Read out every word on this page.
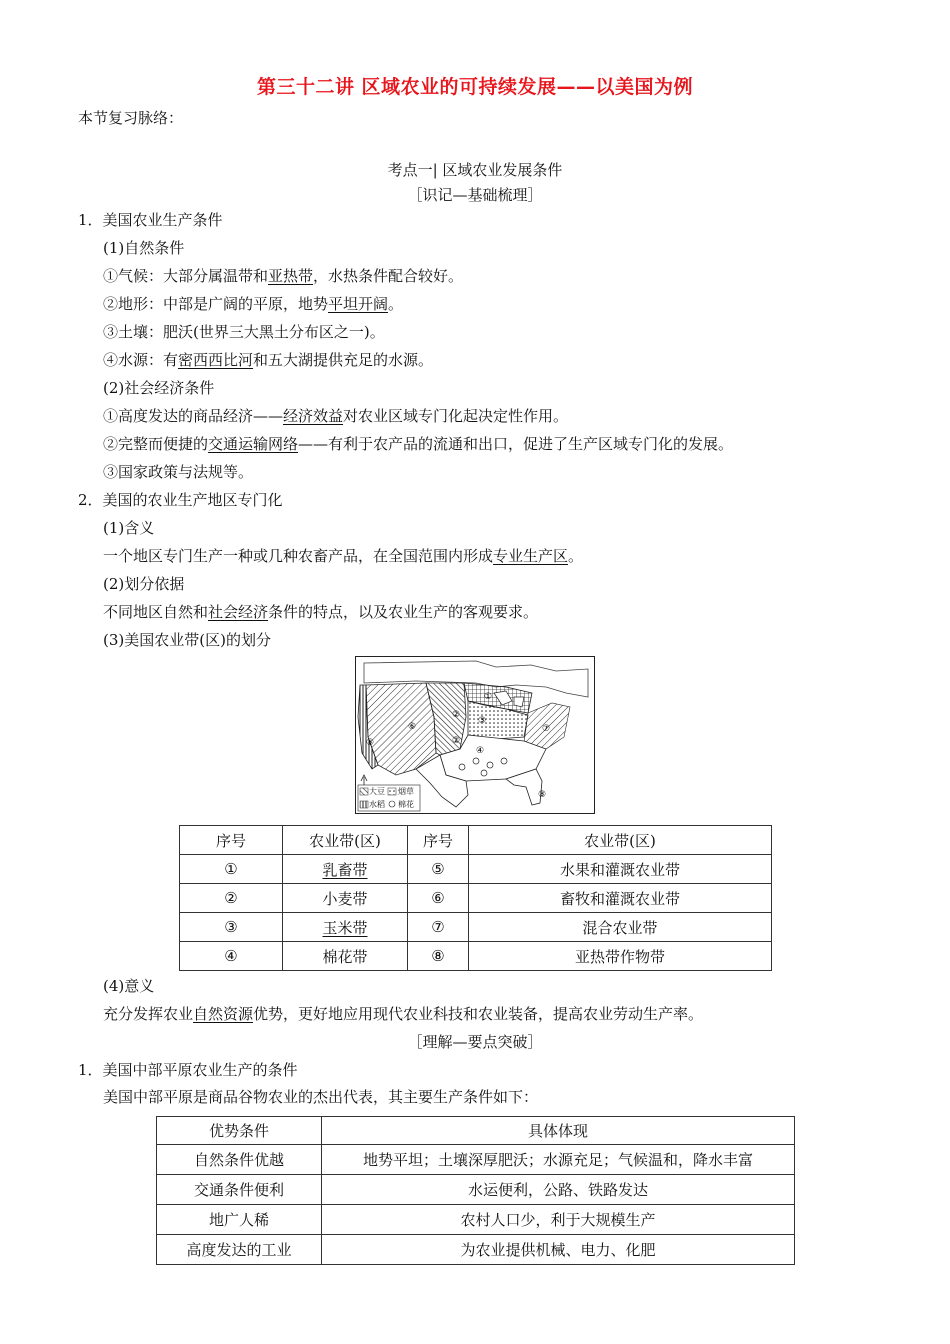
第三十二讲 区域农业的可持续发展——以美国为例
本节复习脉络：
考点一| 区域农业发展条件
［识记—基础梳理］
1．美国农业生产条件
(1)自然条件
①气候：大部分属温带和亚热带，水热条件配合较好。
②地形：中部是广阔的平原，地势平坦开阔。
③土壤：肥沃(世界三大黑土分布区之一)。
④水源：有密西西比河和五大湖提供充足的水源。
(2)社会经济条件
①高度发达的商品经济——经济效益对农业区域专门化起决定性作用。
②完整而便捷的交通运输网络——有利于农产品的流通和出口，促进了生产区域专门化的发展。
③国家政策与法规等。
2．美国的农业生产地区专门化
(1)含义
一个地区专门生产一种或几种农畜产品，在全国范围内形成专业生产区。
(2)划分依据
不同地区自然和社会经济条件的特点，以及农业生产的客观要求。
(3)美国农业带(区)的划分
⑥
⑤
②
①
③
⑦
④
⑧
②
大豆 烟草
水稻 棉花
序号	农业带(区)	序号	农业带(区)
①	乳畜带	⑤	水果和灌溉农业带
②	小麦带	⑥	畜牧和灌溉农业带
③	玉米带	⑦	混合农业带
④	棉花带	⑧	亚热带作物带
(4)意义
充分发挥农业自然资源优势，更好地应用现代农业科技和农业装备，提高农业劳动生产率。
［理解—要点突破］
1．美国中部平原农业生产的条件
美国中部平原是商品谷物农业的杰出代表，其主要生产条件如下：
优势条件	具体体现
自然条件优越	地势平坦；土壤深厚肥沃；水源充足；气候温和，降水丰富
交通条件便利	水运便利，公路、铁路发达
地广人稀	农村人口少，利于大规模生产
高度发达的工业	为农业提供机械、电力、化肥
